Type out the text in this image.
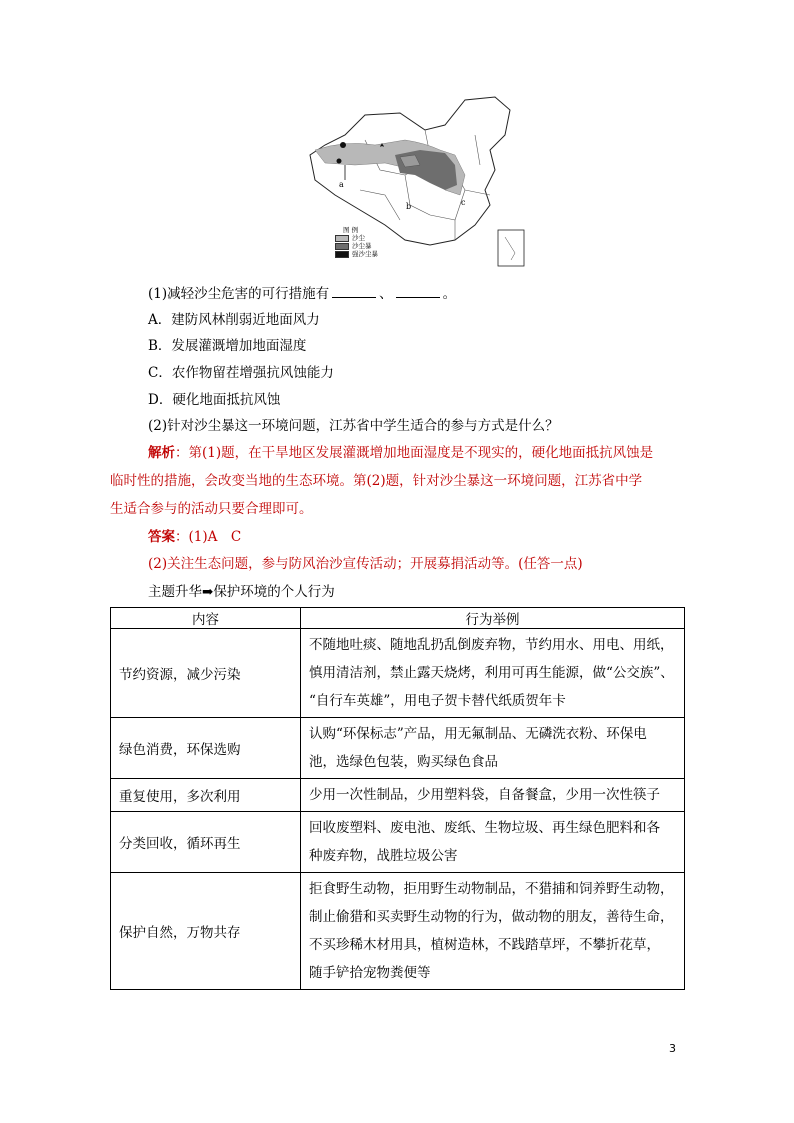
a
b	c
图 例
沙尘
沙尘暴
强沙尘暴
(1)减轻沙尘危害的可行措施有	、	。
A．建防风林削弱近地面风力
B．发展灌溉增加地面湿度
C．农作物留茬增强抗风蚀能力
D．硬化地面抵抗风蚀
(2)针对沙尘暴这一环境问题，江苏省中学生适合的参与方式是什么？
解析：第(1)题，在干旱地区发展灌溉增加地面湿度是不现实的，硬化地面抵抗风蚀是
临时性的措施，会改变当地的生态环境。第(2)题，针对沙尘暴这一环境问题，江苏省中学
生适合参与的活动只要合理即可。
答案：(1)A　C
(2)关注生态问题，参与防风治沙宣传活动；开展募捐活动等。(任答一点)
主题升华➡保护环境的个人行为
内容	行为举例
节约资源，减少污染	不随地吐痰、随地乱扔乱倒废弃物，节约用水、用电、用纸，
慎用清洁剂，禁止露天烧烤，利用可再生能源，做“公交族”、
“自行车英雄”，用电子贺卡替代纸质贺年卡

绿色消费，环保选购	认购“环保标志”产品，用无氟制品、无磷洗衣粉、环保电
池，选绿色包装，购买绿色食品

重复使用，多次利用	少用一次性制品，少用塑料袋，自备餐盒，少用一次性筷子

分类回收，循环再生	回收废塑料、废电池、废纸、生物垃圾、再生绿色肥料和各
种废弃物，战胜垃圾公害

保护自然，万物共存	拒食野生动物，拒用野生动物制品，不猎捕和饲养野生动物，
制止偷猎和买卖野生动物的行为，做动物的朋友，善待生命，
不买珍稀木材用具，植树造林，不践踏草坪，不攀折花草，
随手铲拾宠物粪便等
3
